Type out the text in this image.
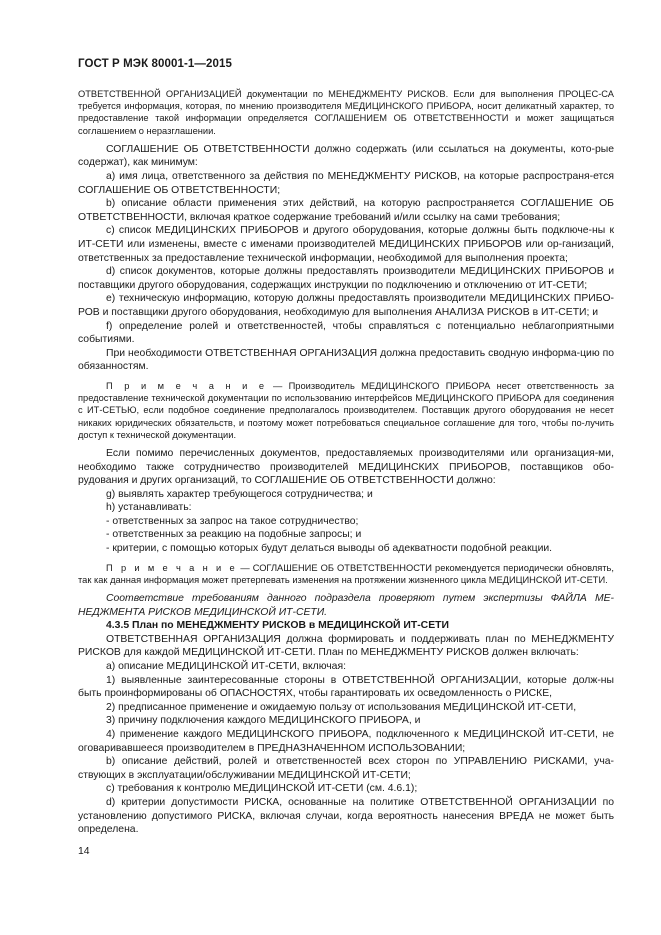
ГОСТ Р МЭК 80001-1—2015

ОТВЕТСТВЕННОЙ ОРГАНИЗАЦИЕЙ документации по МЕНЕДЖМЕНТУ РИСКОВ. Если для выполнения ПРОЦЕС-СА требуется информация, которая, по мнению производителя МЕДИЦИНСКОГО ПРИБОРА, носит деликатный характер, то предоставление такой информации определяется СОГЛАШЕНИЕМ ОБ ОТВЕТСТВЕННОСТИ и может защищаться соглашением о неразглашении.

СОГЛАШЕНИЕ ОБ ОТВЕТСТВЕННОСТИ должно содержать (или ссылаться на документы, кото-рые содержат), как минимум:

а) имя лица, ответственного за действия по МЕНЕДЖМЕНТУ РИСКОВ, на которые распространя-ется СОГЛАШЕНИЕ ОБ ОТВЕТСТВЕННОСТИ;

b) описание области применения этих действий, на которую распространяется СОГЛАШЕНИЕ ОБ ОТВЕТСТВЕННОСТИ, включая краткое содержание требований и/или ссылку на сами требования;

c) список МЕДИЦИНСКИХ ПРИБОРОВ и другого оборудования, которые должны быть подключе-ны к ИТ-СЕТИ или изменены, вместе с именами производителей МЕДИЦИНСКИХ ПРИБОРОВ или ор-ганизаций, ответственных за предоставление технической информации, необходимой для выполнения проекта;

d) список документов, которые должны предоставлять производители МЕДИЦИНСКИХ ПРИБОРОВ и поставщики другого оборудования, содержащих инструкции по подключению и отключению от ИТ-СЕТИ;

e) техническую информацию, которую должны предоставлять производители МЕДИЦИНСКИХ ПРИБО-РОВ и поставщики другого оборудования, необходимую для выполнения АНАЛИЗА РИСКОВ в ИТ-СЕТИ; и

f) определение ролей и ответственностей, чтобы справляться с потенциально неблагоприятными событиями.

При необходимости ОТВЕТСТВЕННАЯ ОРГАНИЗАЦИЯ должна предоставить сводную информа-цию по обязанностям.

П р и м е ч а н и е — Производитель МЕДИЦИНСКОГО ПРИБОРА несет ответственность за предоставление технической документации по использованию интерфейсов МЕДИЦИНСКОГО ПРИБОРА для соединения с ИТ-СЕТЬЮ, если подобное соединение предполагалось производителем. Поставщик другого оборудования не несет никаких юридических обязательств, и поэтому может потребоваться специальное соглашение для того, чтобы по-лучить доступ к технической документации.

Если помимо перечисленных документов, предоставляемых производителями или организация-ми, необходимо также сотрудничество производителей МЕДИЦИНСКИХ ПРИБОРОВ, поставщиков обо-рудования и других организаций, то СОГЛАШЕНИЕ ОБ ОТВЕТСТВЕННОСТИ должно:

g) выявлять характер требующегося сотрудничества; и

h) устанавливать:

- ответственных за запрос на такое сотрудничество;

- ответственных за реакцию на подобные запросы; и

- критерии, с помощью которых будут делаться выводы об адекватности подобной реакции.

П р и м е ч а н и е — СОГЛАШЕНИЕ ОБ ОТВЕТСТВЕННОСТИ рекомендуется периодически обновлять, так как данная информация может претерпевать изменения на протяжении жизненного цикла МЕДИЦИНСКОЙ ИТ-СЕТИ.

Соответствие требованиям данного подраздела проверяют путем экспертизы ФАЙЛА МЕ-НЕДЖМЕНТА РИСКОВ МЕДИЦИНСКОЙ ИТ-СЕТИ.

4.3.5 План по МЕНЕДЖМЕНТУ РИСКОВ в МЕДИЦИНСКОЙ ИТ-СЕТИ

ОТВЕТСТВЕННАЯ ОРГАНИЗАЦИЯ должна формировать и поддерживать план по МЕНЕДЖМЕНТУ РИСКОВ для каждой МЕДИЦИНСКОЙ ИТ-СЕТИ. План по МЕНЕДЖМЕНТУ РИСКОВ должен включать:

а) описание МЕДИЦИНСКОЙ ИТ-СЕТИ, включая:

1) выявленные заинтересованные стороны в ОТВЕТСТВЕННОЙ ОРГАНИЗАЦИИ, которые долж-ны быть проинформированы об ОПАСНОСТЯХ, чтобы гарантировать их осведомленность о РИСКЕ,

2) предписанное применение и ожидаемую пользу от использования МЕДИЦИНСКОЙ ИТ-СЕТИ,

3) причину подключения каждого МЕДИЦИНСКОГО ПРИБОРА, и

4) применение каждого МЕДИЦИНСКОГО ПРИБОРА, подключенного к МЕДИЦИНСКОЙ ИТ-СЕТИ, не оговаривавшееся производителем в ПРЕДНАЗНАЧЕННОМ ИСПОЛЬЗОВАНИИ;

b) описание действий, ролей и ответственностей всех сторон по УПРАВЛЕНИЮ РИСКАМИ, уча-ствующих в эксплуатации/обслуживании МЕДИЦИНСКОЙ ИТ-СЕТИ;

c) требования к контролю МЕДИЦИНСКОЙ ИТ-СЕТИ (см. 4.6.1);

d) критерии допустимости РИСКА, основанные на политике ОТВЕТСТВЕННОЙ ОРГАНИЗАЦИИ по установлению допустимого РИСКА, включая случаи, когда вероятность нанесения ВРЕДА не может быть определена.

14
